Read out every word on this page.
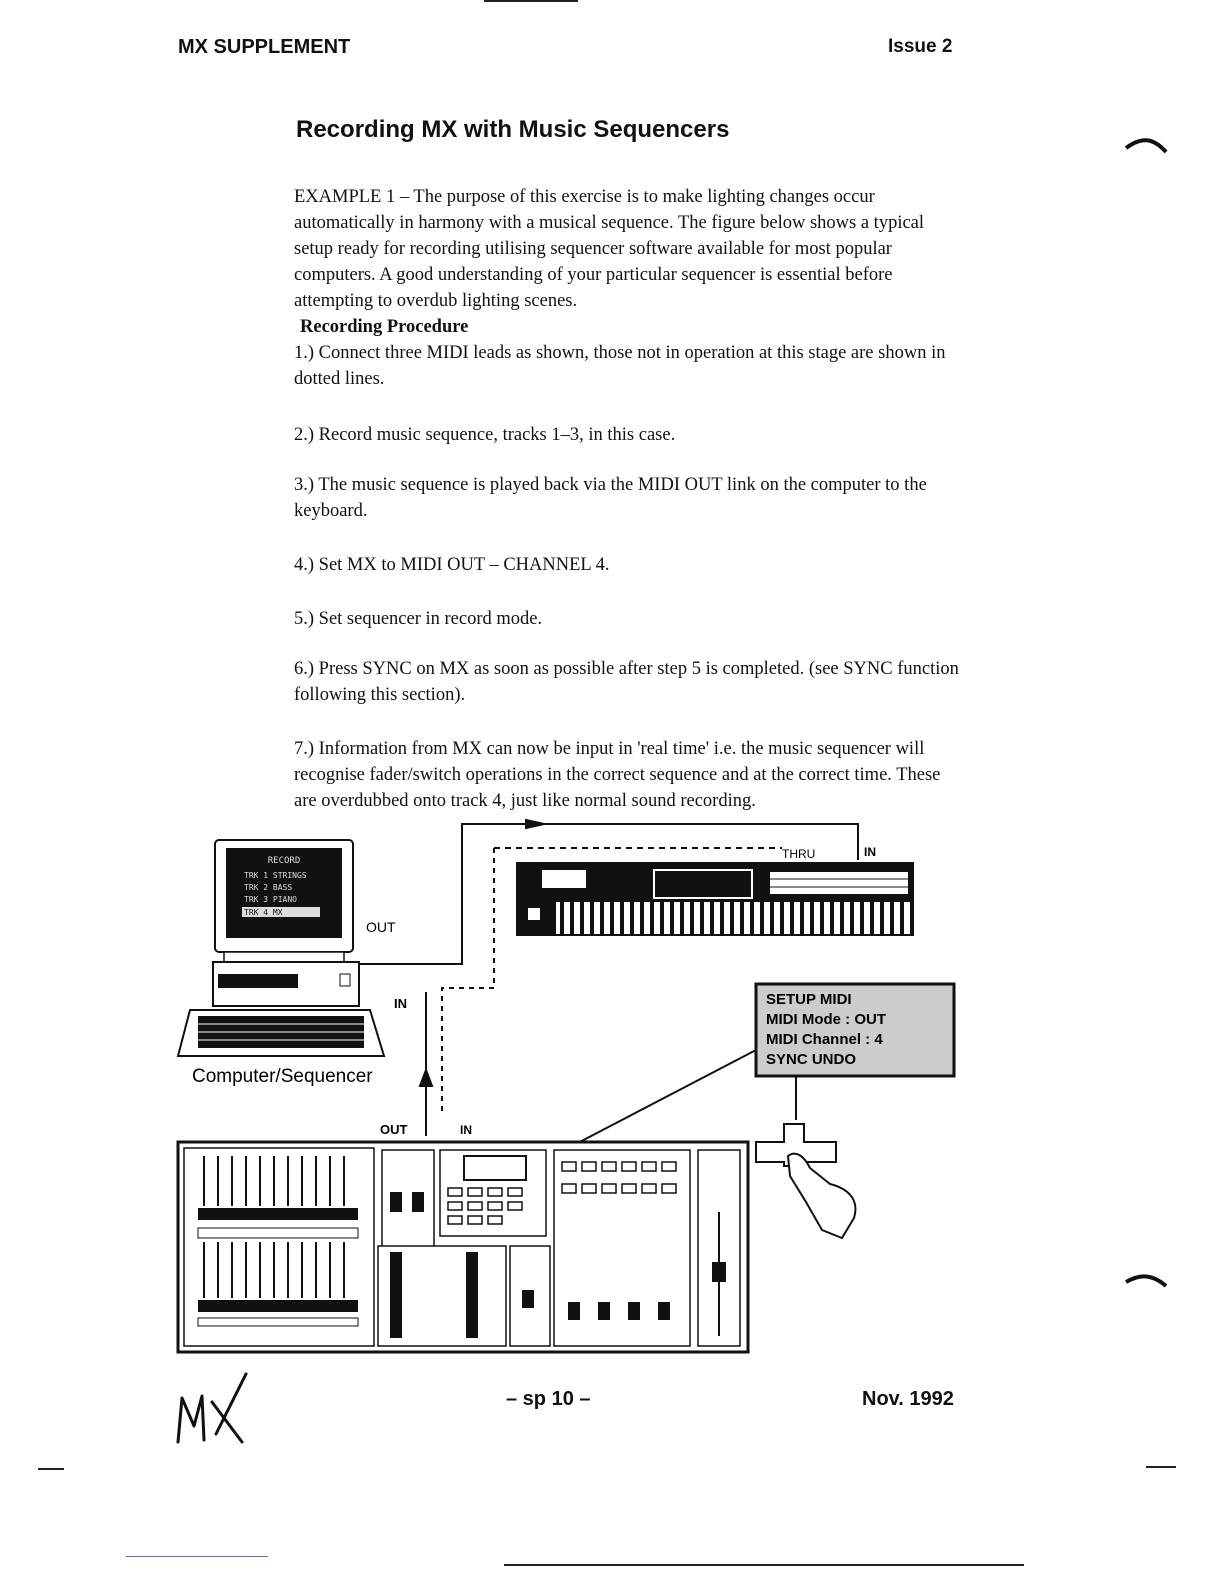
MX SUPPLEMENT	Issue 2
Recording MX with Music Sequencers

EXAMPLE 1 – The purpose of this exercise is to make lighting changes occur automatically in harmony with a musical sequence. The figure below shows a typical setup ready for recording utilising sequencer software available for most popular computers. A good understanding of your particular sequencer is essential before attempting to overdub lighting scenes.

Recording Procedure

1.) Connect three MIDI leads as shown, those not in operation at this stage are shown in dotted lines.

2.) Record music sequence, tracks 1–3, in this case.
3.) The music sequence is played back via the MIDI OUT link on the computer to the keyboard.
4.) Set MX to MIDI OUT – CHANNEL 4.
5.) Set sequencer in record mode.
6.) Press SYNC on MX as soon as possible after step 5 is completed. (see SYNC function following this section).
7.) Information from MX can now be input in 'real time' i.e. the music sequencer will recognise fader/switch operations in the correct sequence and at the correct time. These are overdubbed onto track 4, just like normal sound recording.
RECORD
TRK 1 STRINGS
TRK 2 BASS
TRK 3 PIANO
TRK 4 MX
OUT
IN
Computer/Sequencer
THRU	IN
OUT	IN
SETUP MIDI
MIDI Mode : OUT
MIDI Channel : 4
SYNC UNDO
– sp 10 –	Nov. 1992
